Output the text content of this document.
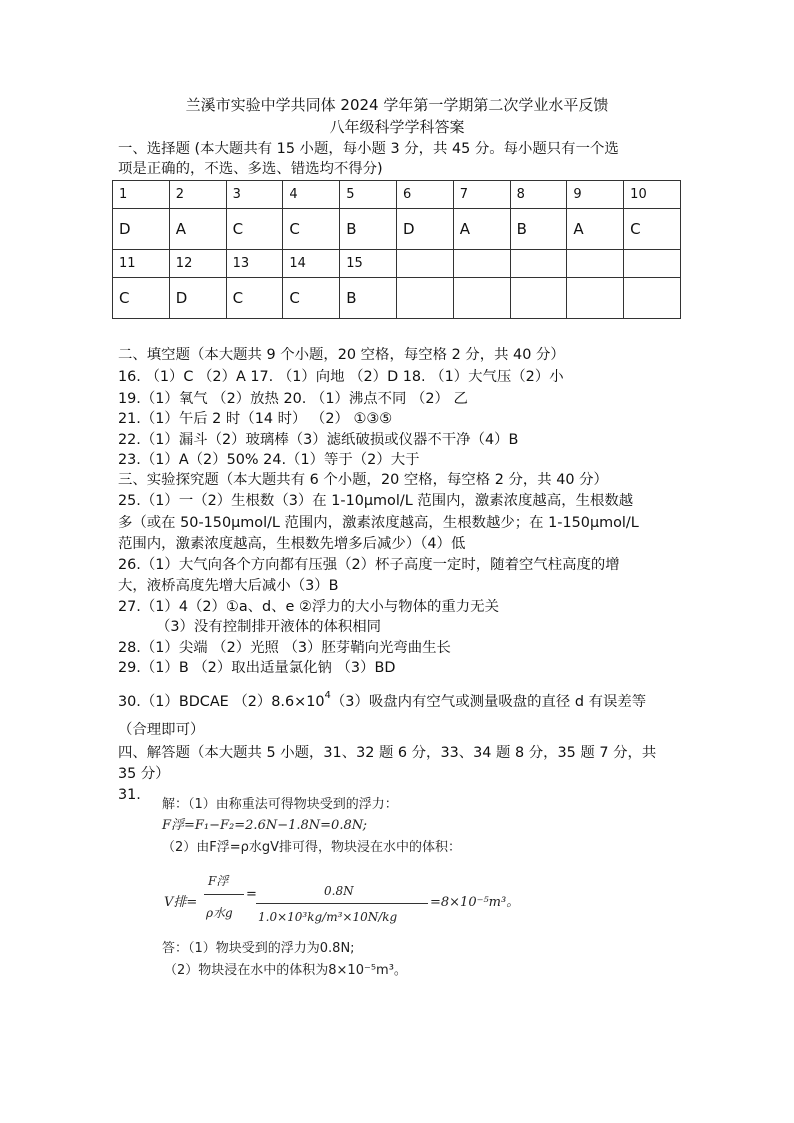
兰溪市实验中学共同体 2024 学年第一学期第二次学业水平反馈
八年级科学学科答案
一、选择题 (本大题共有 15 小题，每小题 3 分，共 45 分。每小题只有一个选
项是正确的，不选、多选、错选均不得分)
1	2	3	4	5	6	7	8	9	10
D	A	C	C	B	D	A	B	A	C
11	12	13	14	15					
C	D	C	C	B					
二、填空题（本大题共 9 个小题，20 空格，每空格 2 分，共 40 分）
16. （1）C （2）A 17. （1）向地 （2）D 18. （1）大气压（2）小
19.（1）氧气 （2）放热 20. （1）沸点不同 （2） 乙
21.（1）午后 2 时（14 时） （2） ①③⑤
22.（1）漏斗（2）玻璃棒（3）滤纸破损或仪器不干净（4）B
23.（1）A（2）50% 24.（1）等于（2）大于
三、实验探究题（本大题共有 6 个小题，20 空格，每空格 2 分，共 40 分）
25.（1）一（2）生根数（3）在 1-10μmol/L 范围内，激素浓度越高，生根数越
多（或在 50-150μmol/L 范围内，激素浓度越高，生根数越少；在 1-150μmol/L
范围内，激素浓度越高，生根数先增多后减少）（4）低
26.（1）大气向各个方向都有压强（2）杯子高度一定时，随着空气柱高度的增
大，液桥高度先增大后减小（3）B
27.（1）4（2）①a、d、e ②浮力的大小与物体的重力无关
（3）没有控制排开液体的体积相同
28.（1）尖端 （2）光照 （3）胚芽鞘向光弯曲生长
29.（1）B （2）取出适量氯化钠 （3）BD
30.（1）BDCAE $(2)8.6\times 10^4(3)$吸盘内有空气或测量吸盘的直径 d 有误差等
（合理即可）
四、解答题（本大题共 5 小题，31、32 题 6 分，33、34 题 8 分，35 题 7 分，共
35 分）
31.
解：（1）由称重法可得物块受到的浮力：
F浮=F₁−F₂=2.6N−1.8N=0.8N;
（2）由F浮=ρ水gV排可得，物块浸在水中的体积：
V排=
F浮
ρ水g
=	0.8N
1.0×10³kg/m³×10N/kg
=8×10⁻⁵m³。
答：（1）物块受到的浮力为0.8N;
（2）物块浸在水中的体积为8×10⁻⁵m³。
